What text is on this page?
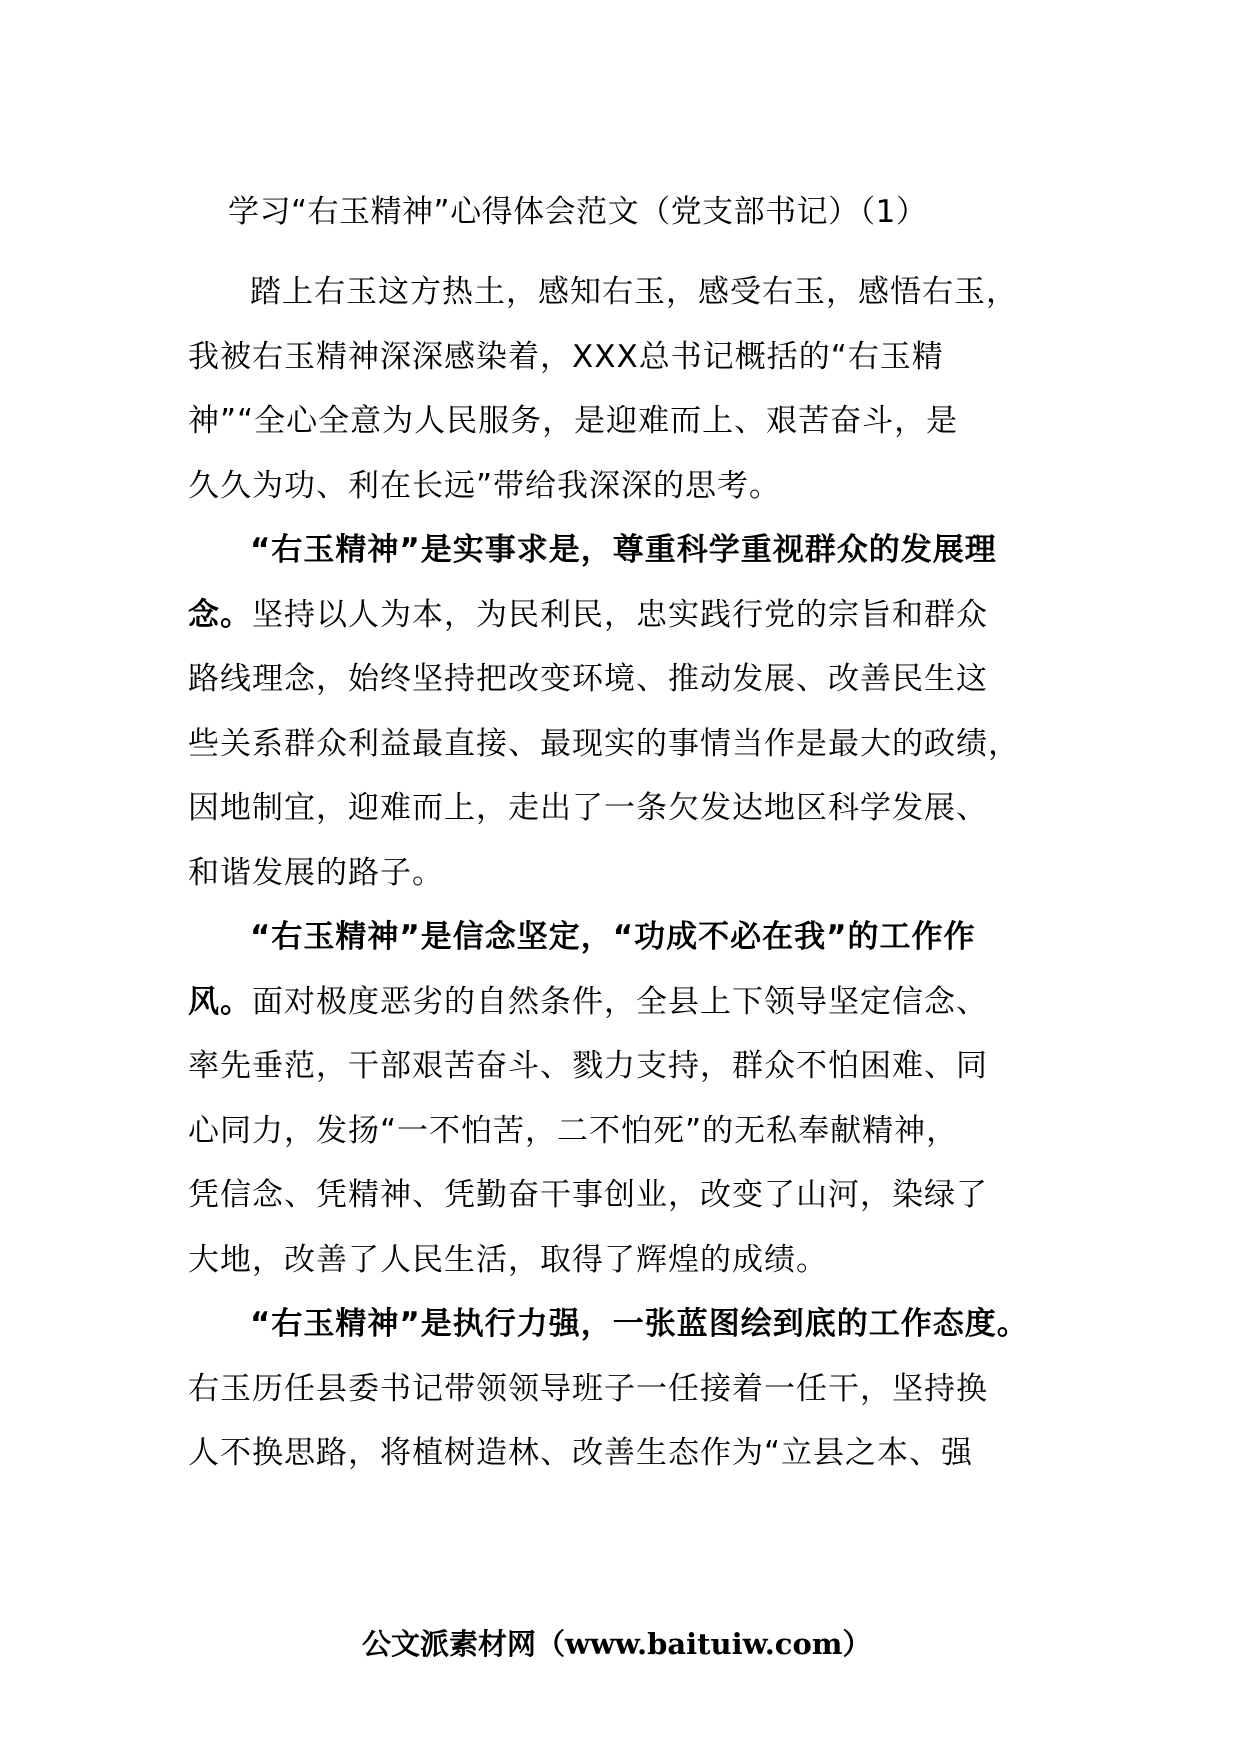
学习“右玉精神”心得体会范文（党支部书记）（1）
踏上右玉这方热土，感知右玉，感受右玉，感悟右玉，
我被右玉精神深深感染着，XXX总书记概括的“右玉精
神”“全心全意为人民服务，是迎难而上、艰苦奋斗，是
久久为功、利在长远”带给我深深的思考。
“右玉精神”是实事求是，尊重科学重视群众的发展理
念。坚持以人为本，为民利民，忠实践行党的宗旨和群众
路线理念，始终坚持把改变环境、推动发展、改善民生这
些关系群众利益最直接、最现实的事情当作是最大的政绩，
因地制宜，迎难而上，走出了一条欠发达地区科学发展、
和谐发展的路子。
“右玉精神”是信念坚定，“功成不必在我”的工作作
风。面对极度恶劣的自然条件，全县上下领导坚定信念、
率先垂范，干部艰苦奋斗、戮力支持，群众不怕困难、同
心同力，发扬“一不怕苦，二不怕死”的无私奉献精神，
凭信念、凭精神、凭勤奋干事创业，改变了山河，染绿了
大地，改善了人民生活，取得了辉煌的成绩。
“右玉精神”是执行力强，一张蓝图绘到底的工作态度。
右玉历任县委书记带领领导班子一任接着一任干，坚持换
人不换思路，将植树造林、改善生态作为“立县之本、强
公文派素材网（www.baituiw.com）
